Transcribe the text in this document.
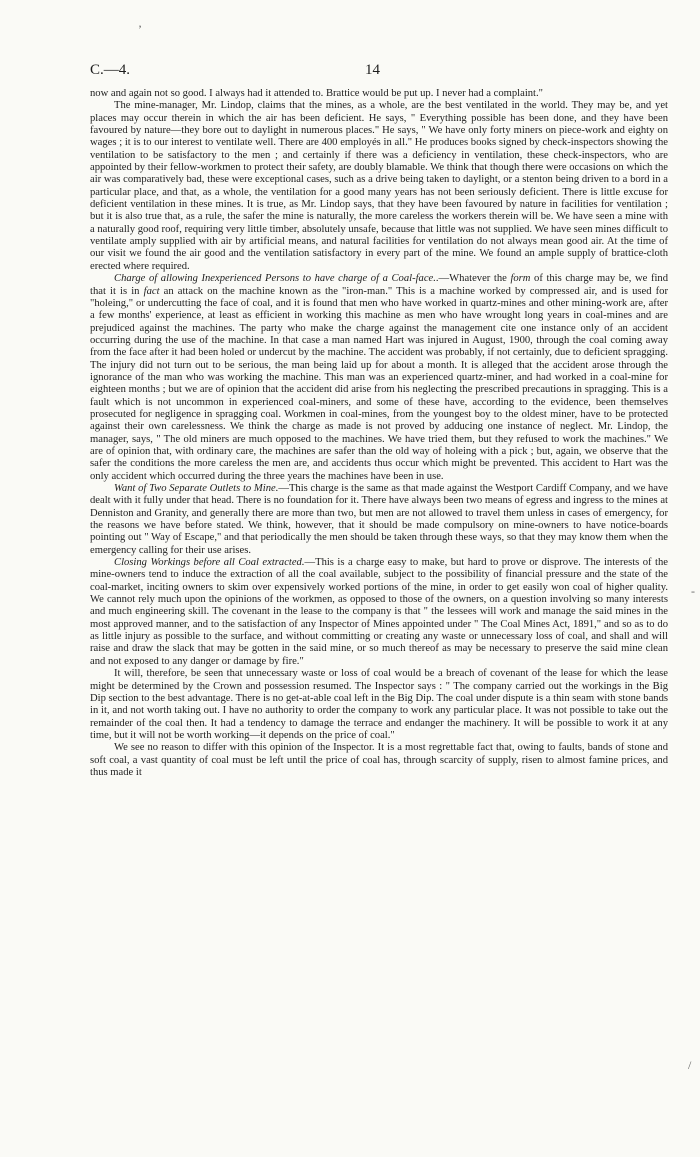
’
-
/
C.—4.	14

now and again not so good. I always had it attended to. Brattice would be put up. I never had a complaint."

The mine-manager, Mr. Lindop, claims that the mines, as a whole, are the best ventilated in the world. They may be, and yet places may occur therein in which the air has been deficient. He says, " Everything possible has been done, and they have been favoured by nature—they bore out to daylight in numerous places." He says, " We have only forty miners on piece-work and eighty on wages ; it is to our interest to ventilate well. There are 400 employés in all." He produces books signed by check-inspectors showing the ventilation to be satisfactory to the men ; and certainly if there was a deficiency in ventilation, these check-inspectors, who are appointed by their fellow-workmen to protect their safety, are doubly blamable. We think that though there were occasions on which the air was comparatively bad, these were exceptional cases, such as a drive being taken to daylight, or a stenton being driven to a bord in a particular place, and that, as a whole, the ventilation for a good many years has not been seriously deficient. There is little excuse for deficient ventilation in these mines. It is true, as Mr. Lindop says, that they have been favoured by nature in facilities for ventilation ; but it is also true that, as a rule, the safer the mine is naturally, the more careless the workers therein will be. We have seen a mine with a naturally good roof, requiring very little timber, absolutely unsafe, because that little was not supplied. We have seen mines difficult to ventilate amply supplied with air by artificial means, and natural facilities for ventilation do not always mean good air. At the time of our visit we found the air good and the ventilation satisfactory in every part of the mine. We found an ample supply of brattice-cloth erected where required.

Charge of allowing Inexperienced Persons to have charge of a Coal-face..—Whatever the form of this charge may be, we find that it is in fact an attack on the machine known as the "iron-man." This is a machine worked by compressed air, and is used for "holeing," or undercutting the face of coal, and it is found that men who have worked in quartz-mines and other mining-work are, after a few months' experience, at least as efficient in working this machine as men who have wrought long years in coal-mines and are prejudiced against the machines. The party who make the charge against the management cite one instance only of an accident occurring during the use of the machine. In that case a man named Hart was injured in August, 1900, through the coal coming away from the face after it had been holed or undercut by the machine. The accident was probably, if not certainly, due to deficient spragging. The injury did not turn out to be serious, the man being laid up for about a month. It is alleged that the accident arose through the ignorance of the man who was working the machine. This man was an experienced quartz-miner, and had worked in a coal-mine for eighteen months ; but we are of opinion that the accident did arise from his neglecting the prescribed precautions in spragging. This is a fault which is not uncommon in experienced coal-miners, and some of these have, according to the evidence, been themselves prosecuted for negligence in spragging coal. Workmen in coal-mines, from the youngest boy to the oldest miner, have to be protected against their own carelessness. We think the charge as made is not proved by adducing one instance of neglect. Mr. Lindop, the manager, says, " The old miners are much opposed to the machines. We have tried them, but they refused to work the machines." We are of opinion that, with ordinary care, the machines are safer than the old way of holeing with a pick ; but, again, we observe that the safer the conditions the more careless the men are, and accidents thus occur which might be prevented. This accident to Hart was the only accident which occurred during the three years the machines have been in use.

Want of Two Separate Outlets to Mine.—This charge is the same as that made against the Westport Cardiff Company, and we have dealt with it fully under that head. There is no foundation for it. There have always been two means of egress and ingress to the mines at Denniston and Granity, and generally there are more than two, but men are not allowed to travel them unless in cases of emergency, for the reasons we have before stated. We think, however, that it should be made compulsory on mine-owners to have notice-boards pointing out " Way of Escape," and that periodically the men should be taken through these ways, so that they may know them when the emergency calling for their use arises.

Closing Workings before all Coal extracted.—This is a charge easy to make, but hard to prove or disprove. The interests of the mine-owners tend to induce the extraction of all the coal available, subject to the possibility of financial pressure and the state of the coal-market, inciting owners to skim over expensively worked portions of the mine, in order to get easily won coal of higher quality. We cannot rely much upon the opinions of the workmen, as opposed to those of the owners, on a question involving so many interests and much engineering skill. The covenant in the lease to the company is that " the lessees will work and manage the said mines in the most approved manner, and to the satisfaction of any Inspector of Mines appointed under " The Coal Mines Act, 1891," and so as to do as little injury as possible to the surface, and without committing or creating any waste or unnecessary loss of coal, and shall and will raise and draw the slack that may be gotten in the said mine, or so much thereof as may be necessary to preserve the said mine clean and not exposed to any danger or damage by fire."

It will, therefore, be seen that unnecessary waste or loss of coal would be a breach of covenant of the lease for which the lease might be determined by the Crown and possession resumed. The Inspector says : " The company carried out the workings in the Big Dip section to the best advantage. There is no get-at-able coal left in the Big Dip. The coal under dispute is a thin seam with stone bands in it, and not worth taking out. I have no authority to order the company to work any particular place. It was not possible to take out the remainder of the coal then. It had a tendency to damage the terrace and endanger the machinery. It will be possible to work it at any time, but it will not be worth working—it depends on the price of coal."

We see no reason to differ with this opinion of the Inspector. It is a most regrettable fact that, owing to faults, bands of stone and soft coal, a vast quantity of coal must be left until the price of coal has, through scarcity of supply, risen to almost famine prices, and thus made it
